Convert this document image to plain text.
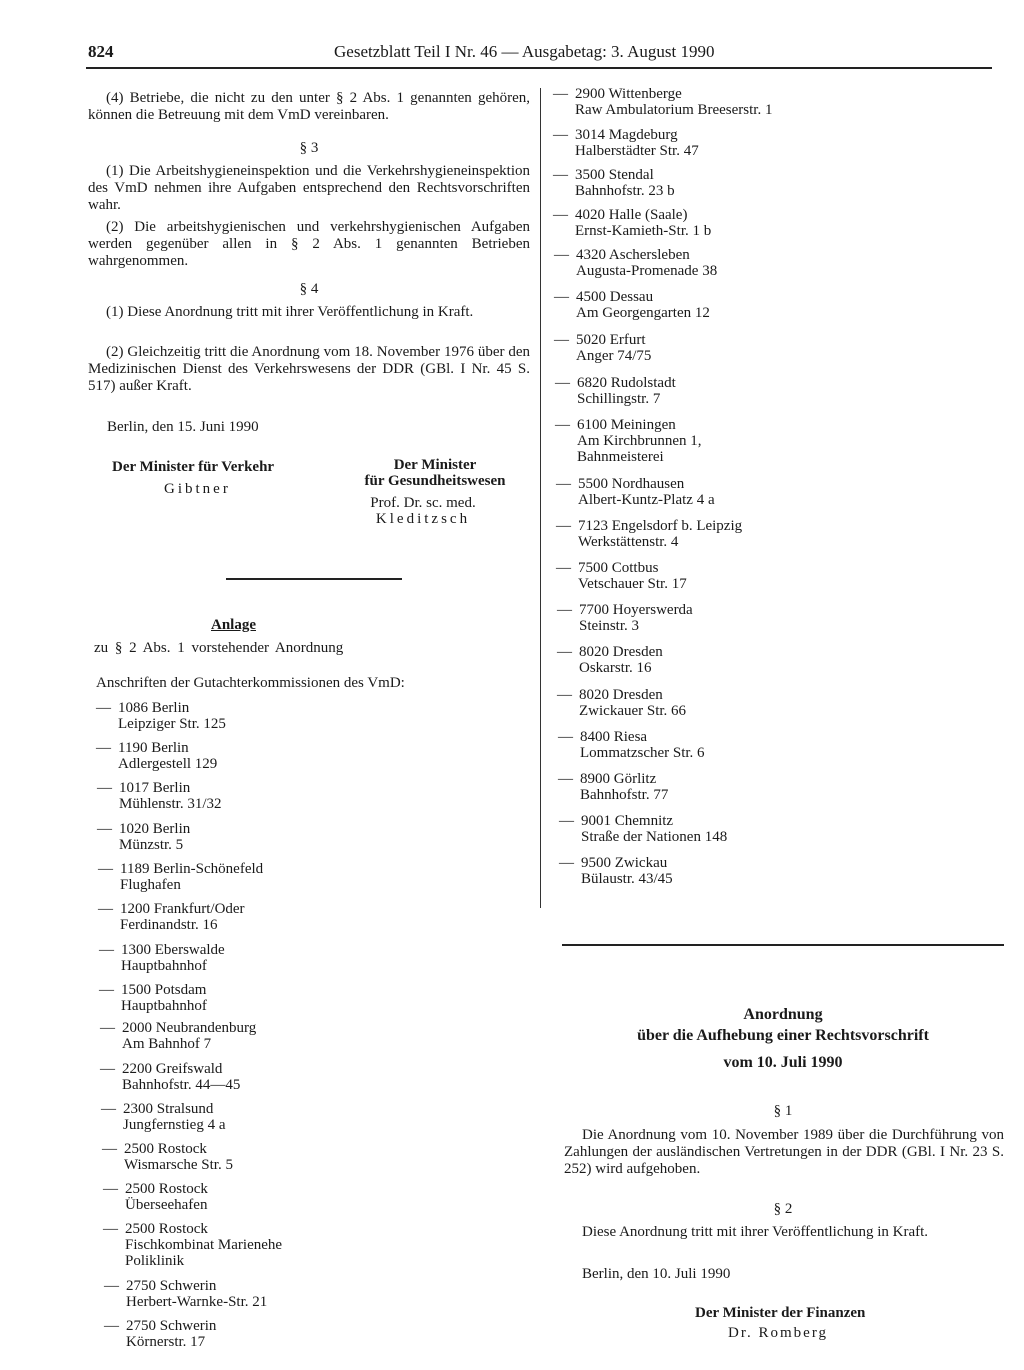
824	Gesetzblatt Teil I Nr. 46 — Ausgabetag: 3. August 1990

(4) Betriebe, die nicht zu den unter § 2 Abs. 1 genannten gehören, können die Betreuung mit dem VmD vereinbaren.

§ 3

(1) Die Arbeitshygieneinspektion und die Verkehrshygieneinspektion des VmD nehmen ihre Aufgaben entsprechend den Rechtsvorschriften wahr.

(2) Die arbeitshygienischen und verkehrshygienischen Aufgaben werden gegenüber allen in § 2 Abs. 1 genannten Betrieben wahrgenommen.

§ 4

(1) Diese Anordnung tritt mit ihrer Veröffentlichung in Kraft.

(2) Gleichzeitig tritt die Anordnung vom 18. November 1976 über den Medizinischen Dienst des Verkehrswesens der DDR (GBl. I Nr. 45 S. 517) außer Kraft.

Berlin, den 15. Juni 1990
Der Minister für Verkehr
Gibtner
Der Minister
für Gesundheitswesen
Prof. Dr. sc. med.
Kleditzsch
Anlage
zu § 2 Abs. 1 vorstehender Anordnung
Anschriften der Gutachterkommissionen des VmD:
— 1086 Berlin
Leipziger Str. 125
— 1190 Berlin
Adlergestell 129
— 1017 Berlin
Mühlenstr. 31/32
— 1020 Berlin
Münzstr. 5
— 1189 Berlin-Schönefeld
Flughafen
— 1200 Frankfurt/Oder
Ferdinandstr. 16
— 1300 Eberswalde
Hauptbahnhof
— 1500 Potsdam
Hauptbahnhof
— 2000 Neubrandenburg
Am Bahnhof 7
— 2200 Greifswald
Bahnhofstr. 44—45
— 2300 Stralsund
Jungfernstieg 4 a
— 2500 Rostock
Wismarsche Str. 5
— 2500 Rostock
Überseehafen
— 2500 Rostock
Fischkombinat Marienehe
Poliklinik
— 2750 Schwerin
Herbert-Warnke-Str. 21
— 2750 Schwerin
Körnerstr. 17
— 2900 Wittenberge
Raw Ambulatorium Breeserstr. 1
— 3014 Magdeburg
Halberstädter Str. 47
— 3500 Stendal
Bahnhofstr. 23 b
— 4020 Halle (Saale)
Ernst-Kamieth-Str. 1 b
— 4320 Aschersleben
Augusta-Promenade 38
— 4500 Dessau
Am Georgengarten 12
— 5020 Erfurt
Anger 74/75
— 6820 Rudolstadt
Schillingstr. 7
— 6100 Meiningen
Am Kirchbrunnen 1,
Bahnmeisterei
— 5500 Nordhausen
Albert-Kuntz-Platz 4 a
— 7123 Engelsdorf b. Leipzig
Werkstättenstr. 4
— 7500 Cottbus
Vetschauer Str. 17
— 7700 Hoyerswerda
Steinstr. 3
— 8020 Dresden
Oskarstr. 16
— 8020 Dresden
Zwickauer Str. 66
— 8400 Riesa
Lommatzscher Str. 6
— 8900 Görlitz
Bahnhofstr. 77
— 9001 Chemnitz
Straße der Nationen 148
— 9500 Zwickau
Bülaustr. 43/45
Anordnung
über die Aufhebung einer Rechtsvorschrift
vom 10. Juli 1990
§ 1

Die Anordnung vom 10. November 1989 über die Durchführung von Zahlungen der ausländischen Vertretungen in der DDR (GBl. I Nr. 23 S. 252) wird aufgehoben.

§ 2
Diese Anordnung tritt mit ihrer Veröffentlichung in Kraft.
Berlin, den 10. Juli 1990
Der Minister der Finanzen
Dr. Romberg
